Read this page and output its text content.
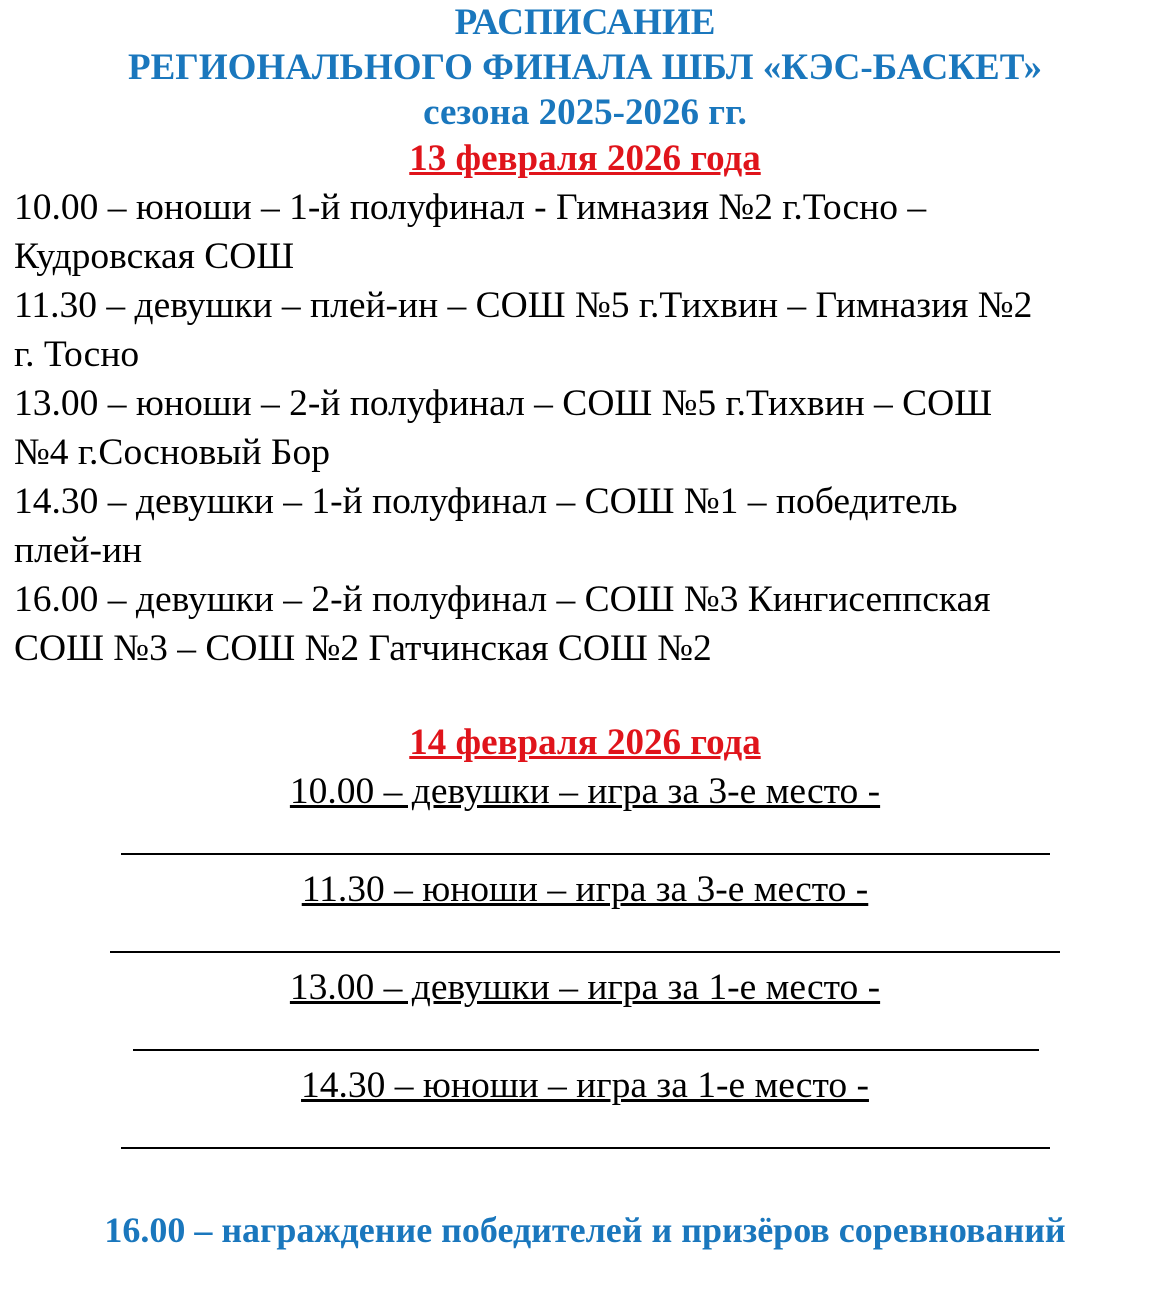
РАСПИСАНИЕ

РЕГИОНАЛЬНОГО ФИНАЛА ШБЛ «КЭС-БАСКЕТ»

сезона 2025-2026 гг.

13 февраля 2026 года

10.00 – юноши – 1-й полуфинал - Гимназия №2 г.Тосно –

Кудровская СОШ

11.30 – девушки – плей-ин – СОШ №5 г.Тихвин – Гимназия №2

г. Тосно

13.00 – юноши – 2-й полуфинал – СОШ №5 г.Тихвин – СОШ

№4 г.Сосновый Бор

14.30 – девушки – 1-й полуфинал – СОШ №1 – победитель

плей-ин

16.00 – девушки – 2-й полуфинал – СОШ №3 Кингисеппская

СОШ №3 – СОШ №2 Гатчинская СОШ №2

14 февраля 2026 года

10.00 – девушки – игра за 3-е место -

11.30 – юноши – игра за 3-е место -

13.00 – девушки – игра за 1-е место -

14.30 – юноши – игра за 1-е место -

16.00 – награждение победителей и призёров соревнований
